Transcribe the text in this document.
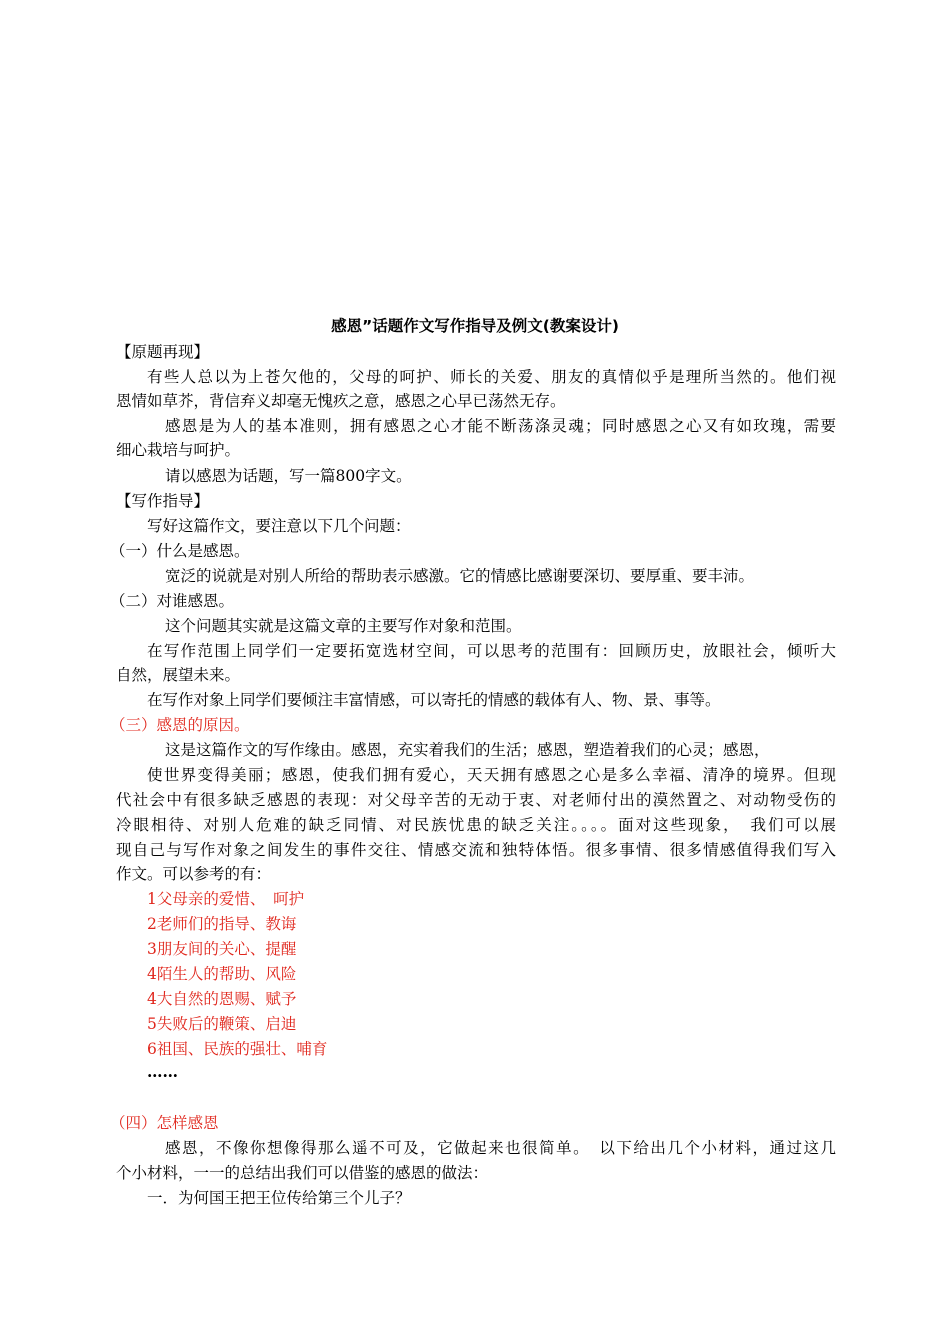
感恩”话题作文写作指导及例文(教案设计)
【原题再现】
有些人总以为上苍欠他的，父母的呵护、师长的关爱、朋友的真情似乎是理所当然的。他们视
恩情如草芥，背信弃义却毫无愧疚之意，感恩之心早已荡然无存。
感恩是为人的基本准则，拥有感恩之心才能不断荡涤灵魂；同时感恩之心又有如玫瑰，需要
细心栽培与呵护。
请以感恩为话题，写一篇800字文。
【写作指导】
写好这篇作文，要注意以下几个问题：
（一）什么是感恩。
宽泛的说就是对别人所给的帮助表示感激。它的情感比感谢要深切、要厚重、要丰沛。
（二）对谁感恩。
这个问题其实就是这篇文章的主要写作对象和范围。
在写作范围上同学们一定要拓宽选材空间，可以思考的范围有：回顾历史，放眼社会，倾听大
自然，展望未来。
在写作对象上同学们要倾注丰富情感，可以寄托的情感的载体有人、物、景、事等。
（三）感恩的原因。
这是这篇作文的写作缘由。感恩，充实着我们的生活；感恩，塑造着我们的心灵；感恩，
使世界变得美丽；感恩，使我们拥有爱心，天天拥有感恩之心是多么幸福、清净的境界。但现
代社会中有很多缺乏感恩的表现：对父母辛苦的无动于衷、对老师付出的漠然置之、对动物受伤的
冷眼相待、对别人危难的缺乏同情、对民族忧患的缺乏关注。。。。面对这些现象，　我们可以展
现自己与写作对象之间发生的事件交往、情感交流和独特体悟。很多事情、很多情感值得我们写入
作文。可以参考的有：
1父母亲的爱惜、　呵护
2老师们的指导、教诲
3朋友间的关心、提醒
4陌生人的帮助、风险
4大自然的恩赐、赋予
5失败后的鞭策、启迪
6祖国、民族的强壮、哺育
……
（四）怎样感恩
感恩，不像你想像得那么遥不可及，它做起来也很简单。　以下给出几个小材料，通过这几
个小材料，一一的总结出我们可以借鉴的感恩的做法：
一．为何国王把王位传给第三个儿子？
